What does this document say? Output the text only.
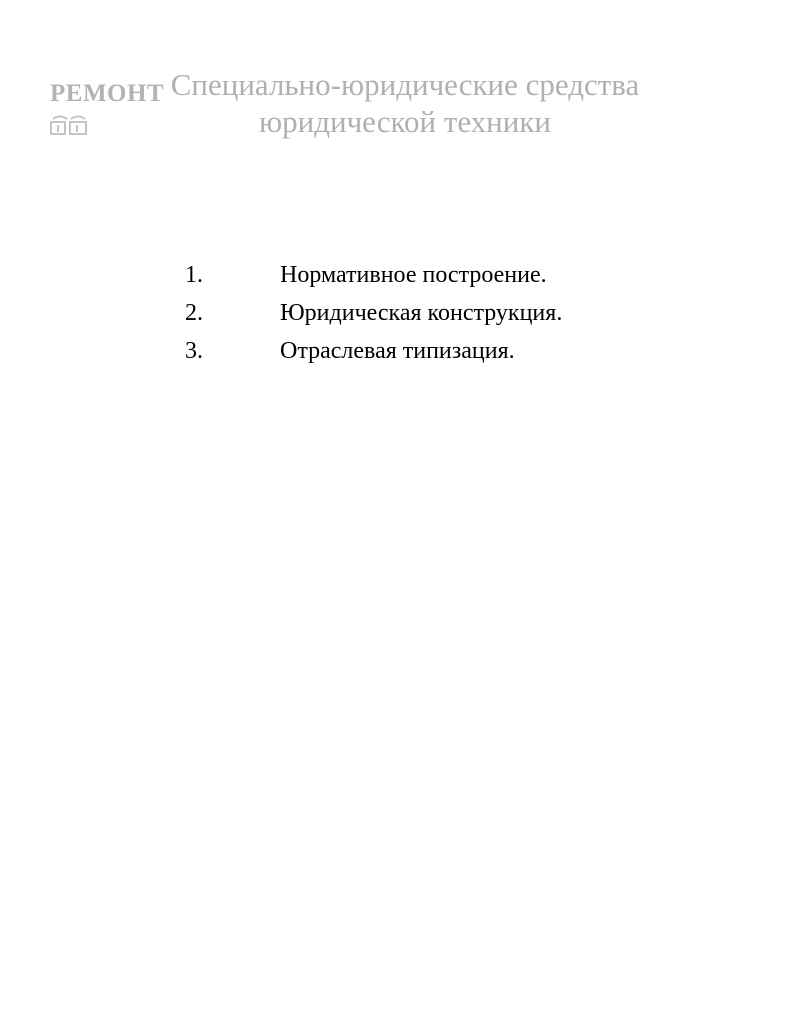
РЕМОНТ Специально-юридические средства
юридической техники
1.	Нормативное построение.
2.	Юридическая конструкция.
3.	Отраслевая типизация.
